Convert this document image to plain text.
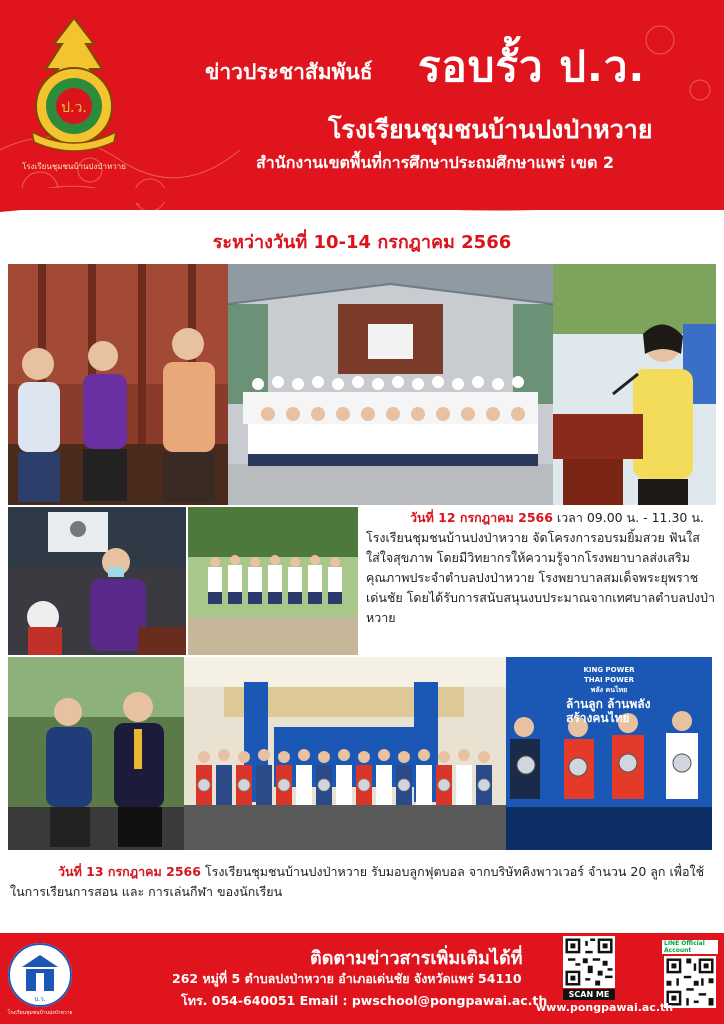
ป.ว.
โรงเรียนชุมชนบ้านปงป่าหวาย
ข่าวประชาสัมพันธ์ รอบรั้ว ป.ว.
โรงเรียนชุมชนบ้านปงป่าหวาย
สำนักงานเขตพื้นที่การศึกษาประถมศึกษาแพร่ เขต 2
ระหว่างวันที่ 10-14 กรกฎาคม 2566
วันที่ 12 กรกฎาคม 2566 เวลา 09.00 น. - 11.30 น. โรงเรียนชุมชนบ้านปงป่าหวาย จัดโครงการอบรมยิ้มสวย ฟันใส ใส่ใจสุขภาพ โดยมีวิทยากรให้ความรู้จากโรงพยาบาลส่งเสริมคุณภาพประจำตำบลปงป่าหวาย โรงพยาบาลสมเด็จพระยุพราชเด่นชัย โดยได้รับการสนับสนุนงบประมาณจากเทศบาลตำบลปงป่าหวาย
KING POWER
THAI POWER
พลัง คนไทย
ล้านลูก ล้านพลัง
สร้างคนไทย
วันที่ 13 กรกฎาคม 2566 โรงเรียนชุมชนบ้านปงป่าหวาย รับมอบลูกฟุตบอล จากบริษัทคิงพาวเวอร์ จำนวน 20 ลูก เพื่อใช้ในการเรียนการสอน และ การเล่นกีฬา ของนักเรียน
ป.ว.
โรงเรียนชุมชนบ้านปงป่าหวาย
ติดตามข่าวสารเพิ่มเติมได้ที่
262 หมู่ที่ 5 ตำบลปงป่าหวาย อำเภอเด่นชัย จังหวัดแพร่ 54110
โทร. 054-640051 Email : pwschool@pongpawai.ac.th	SCAN ME
LINE Official Account
www.pongpawai.ac.th
